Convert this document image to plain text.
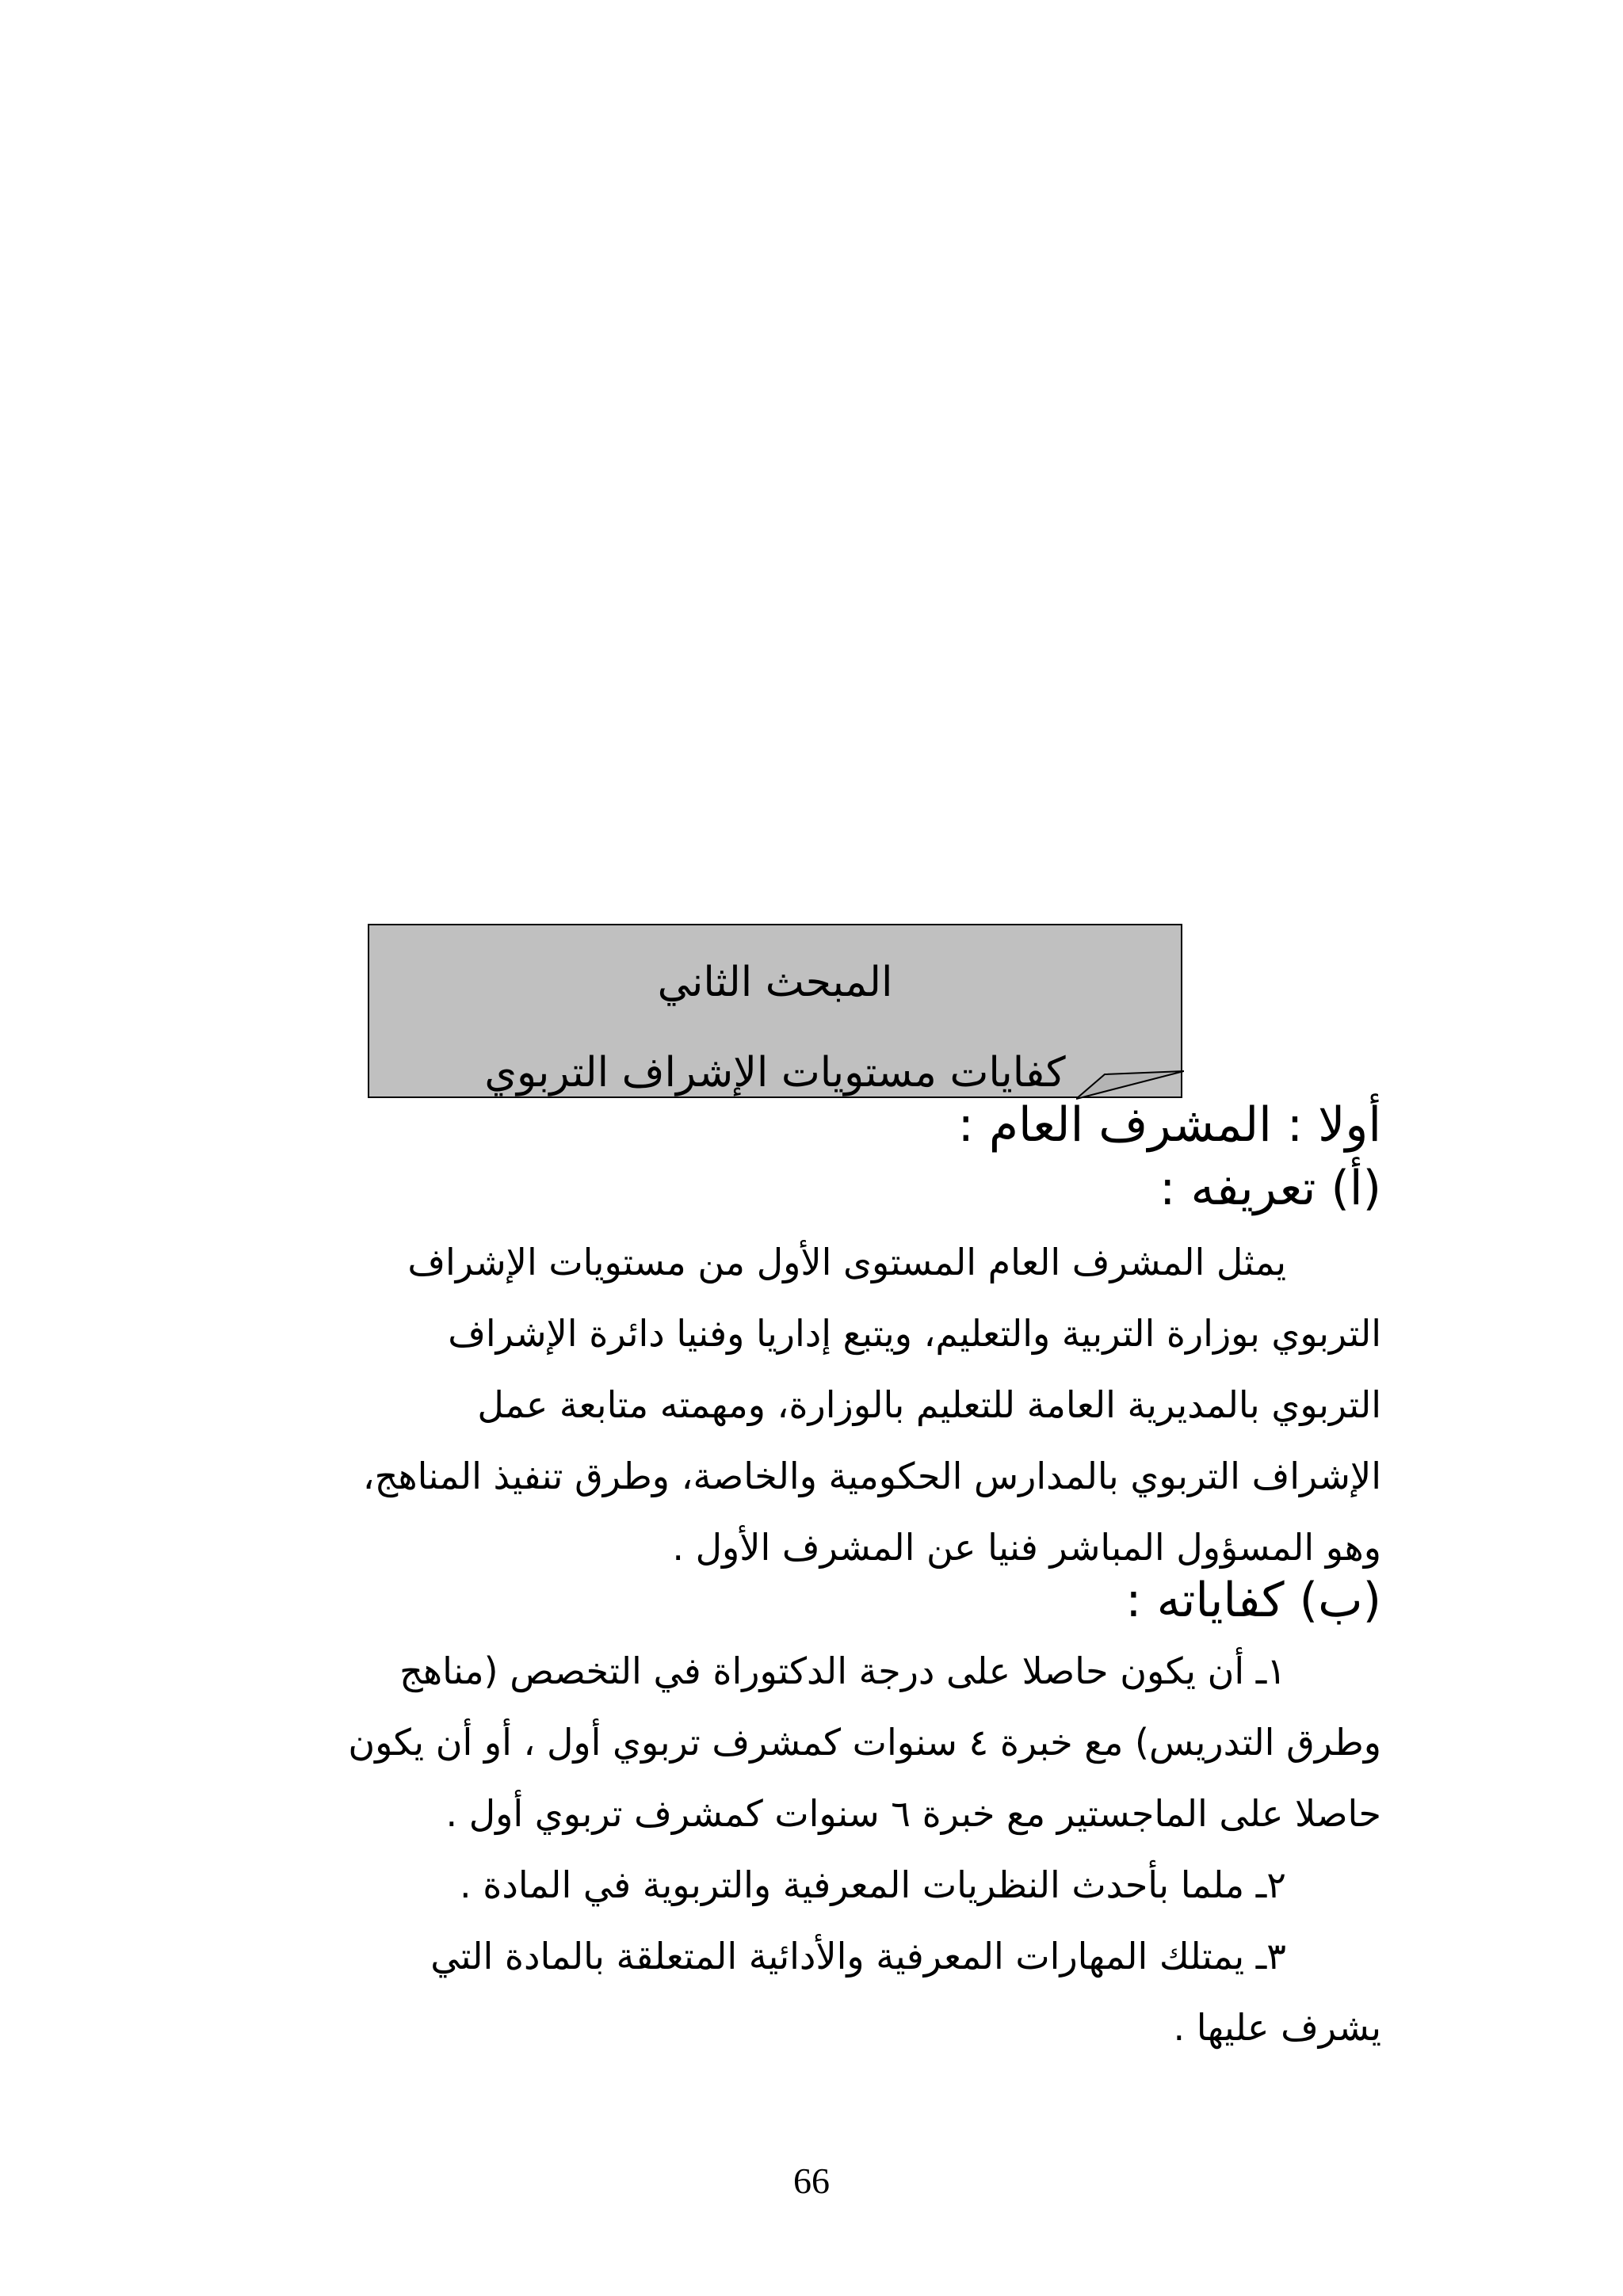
المبحث الثاني
كفايات مستويات الإشراف التربوي
أولا : المشرف العام :
(أ) تعريفه :
يمثل المشرف العام المستوى الأول من مستويات الإشراف
التربوي بوزارة التربية والتعليم، ويتبع إداريا وفنيا دائرة الإشراف
التربوي بالمديرية العامة للتعليم بالوزارة، ومهمته متابعة عمل
الإشراف التربوي بالمدارس الحكومية والخاصة، وطرق تنفيذ المناهج،
وهو المسؤول المباشر فنيا عن المشرف الأول .
(ب) كفاياته :
١ـ أن يكون حاصلا على درجة الدكتوراة في التخصص (مناهج
وطرق التدريس) مع خبرة ٤ سنوات كمشرف تربوي أول ، أو أن يكون
حاصلا على الماجستير مع خبرة ٦ سنوات كمشرف تربوي أول .
٢ـ ملما بأحدث النظريات المعرفية والتربوية في المادة .
٣ـ يمتلك المهارات المعرفية والأدائية المتعلقة بالمادة التي
يشرف عليها .
66
